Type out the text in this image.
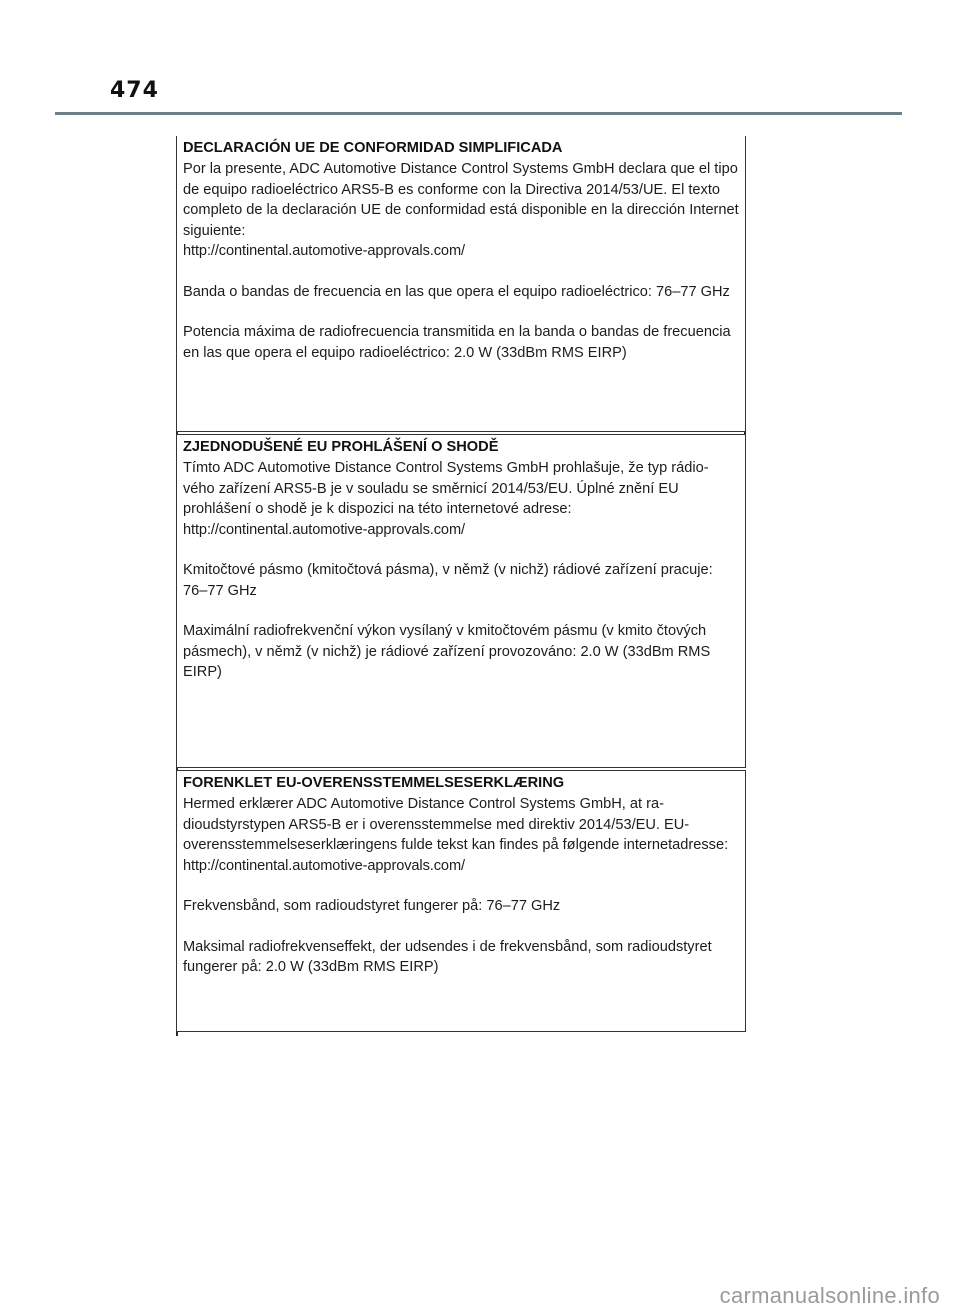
474
DECLARACIÓN UE DE CONFORMIDAD SIMPLIFICADA

Por la presente, ADC Automotive Distance Control Systems GmbH declara que el tipo de equipo radioeléctrico ARS5-B es conforme con la Directiva 2014/53/UE. El texto completo de la declaración UE de conformidad está disponible en la dirección Internet siguiente:

http://continental.automotive-approvals.com/

Banda o bandas de frecuencia en las que opera el equipo radioeléctrico: 76–77 GHz

Potencia máxima de radiofrecuencia transmitida en la banda o bandas de frecuencia en las que opera el equipo radioeléctrico: 2.0 W (33dBm RMS EIRP)

ZJEDNODUŠENÉ EU PROHLÁŠENÍ O SHODĚ

Tímto ADC Automotive Distance Control Systems GmbH prohlašuje, že typ rádio-vého zařízení ARS5-B je v souladu se směrnicí 2014/53/EU. Úplné znění EU prohlášení o shodě je k dispozici na této internetové adrese:

http://continental.automotive-approvals.com/

Kmitočtové pásmo (kmitočtová pásma), v němž (v nichž) rádiové zařízení pracuje: 76–77 GHz

Maximální radiofrekvenční výkon vysílaný v kmitočtovém pásmu (v kmito čtových pásmech), v němž (v nichž) je rádiové zařízení provozováno: 2.0 W (33dBm RMS EIRP)

FORENKLET EU-OVERENSSTEMMELSESERKLÆRING

Hermed erklærer ADC Automotive Distance Control Systems GmbH, at ra-dioudstyrstypen ARS5-B er i overensstemmelse med direktiv 2014/53/EU. EU-overensstemmelseserklæringens fulde tekst kan findes på følgende internetadresse:

http://continental.automotive-approvals.com/

Frekvensbånd, som radioudstyret fungerer på: 76–77 GHz

Maksimal radiofrekvenseffekt, der udsendes i de frekvensbånd, som radioudstyret fungerer på: 2.0 W (33dBm RMS EIRP)

carmanualsonline.info
